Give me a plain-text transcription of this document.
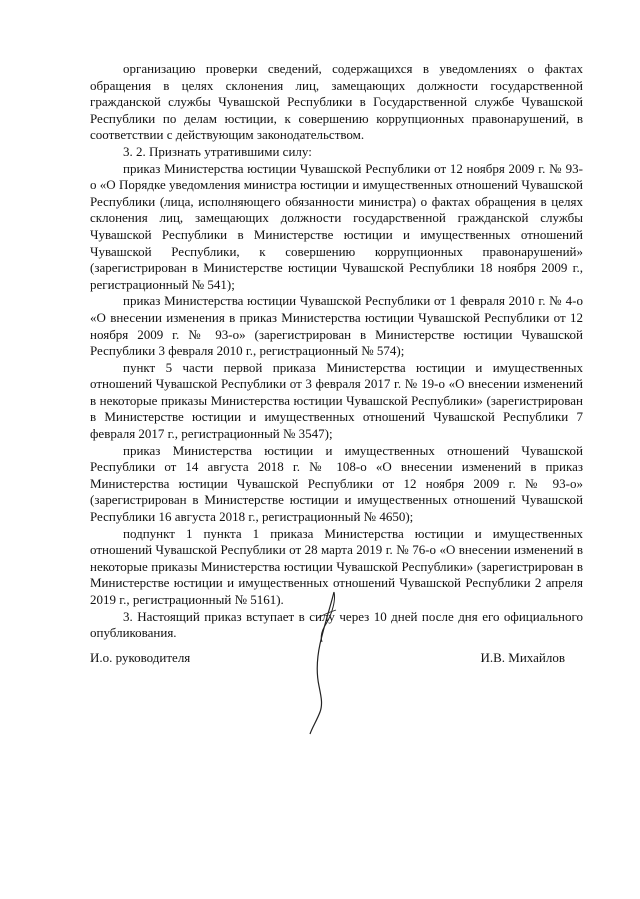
организацию проверки сведений, содержащихся в уведомлениях о фактах обращения в целях склонения лиц, замещающих должности государственной гражданской службы Чувашской Республики в Государственной службе Чувашской Республики по делам юстиции, к совершению коррупционных правонарушений, в соответствии с действующим законодательством.

3. 2. Признать утратившими силу:

приказ Министерства юстиции Чувашской Республики от 12 ноября 2009 г. № 93-о «О Порядке уведомления министра юстиции и имущественных отношений Чувашской Республики (лица, исполняющего обязанности министра) о фактах обращения в целях склонения лиц, замещающих должности государственной гражданской службы Чувашской Республики в Министерстве юстиции и имущественных отношений Чувашской Республики, к совершению коррупционных правонарушений» (зарегистрирован в Министерстве юстиции Чувашской Республики 18 ноября 2009 г., регистрационный № 541);

приказ Министерства юстиции Чувашской Республики от 1 февраля 2010 г. № 4-о «О внесении изменения в приказ Министерства юстиции Чувашской Республики от 12 ноября 2009 г. № 93-о» (зарегистрирован в Министерстве юстиции Чувашской Республики 3 февраля 2010 г., регистрационный № 574);

пункт 5 части первой приказа Министерства юстиции и имущественных отношений Чувашской Республики от 3 февраля 2017 г. № 19-о «О внесении изменений в некоторые приказы Министерства юстиции Чувашской Республики» (зарегистрирован в Министерстве юстиции и имущественных отношений Чувашской Республики 7 февраля 2017 г., регистрационный № 3547);

приказ Министерства юстиции и имущественных отношений Чувашской Республики от 14 августа 2018 г. № 108-о «О внесении изменений в приказ Министерства юстиции Чувашской Республики от 12 ноября 2009 г. № 93-о» (зарегистрирован в Министерстве юстиции и имущественных отношений Чувашской Республики 16 августа 2018 г., регистрационный № 4650);

подпункт 1 пункта 1 приказа Министерства юстиции и имущественных отношений Чувашской Республики от 28 марта 2019 г. № 76-о «О внесении изменений в некоторые приказы Министерства юстиции Чувашской Республики» (зарегистрирован в Министерстве юстиции и имущественных отношений Чувашской Республики 2 апреля 2019 г., регистрационный № 5161).

3. Настоящий приказ вступает в силу через 10 дней после дня его официального опубликования.

И.о. руководителя	И.В. Михайлов
